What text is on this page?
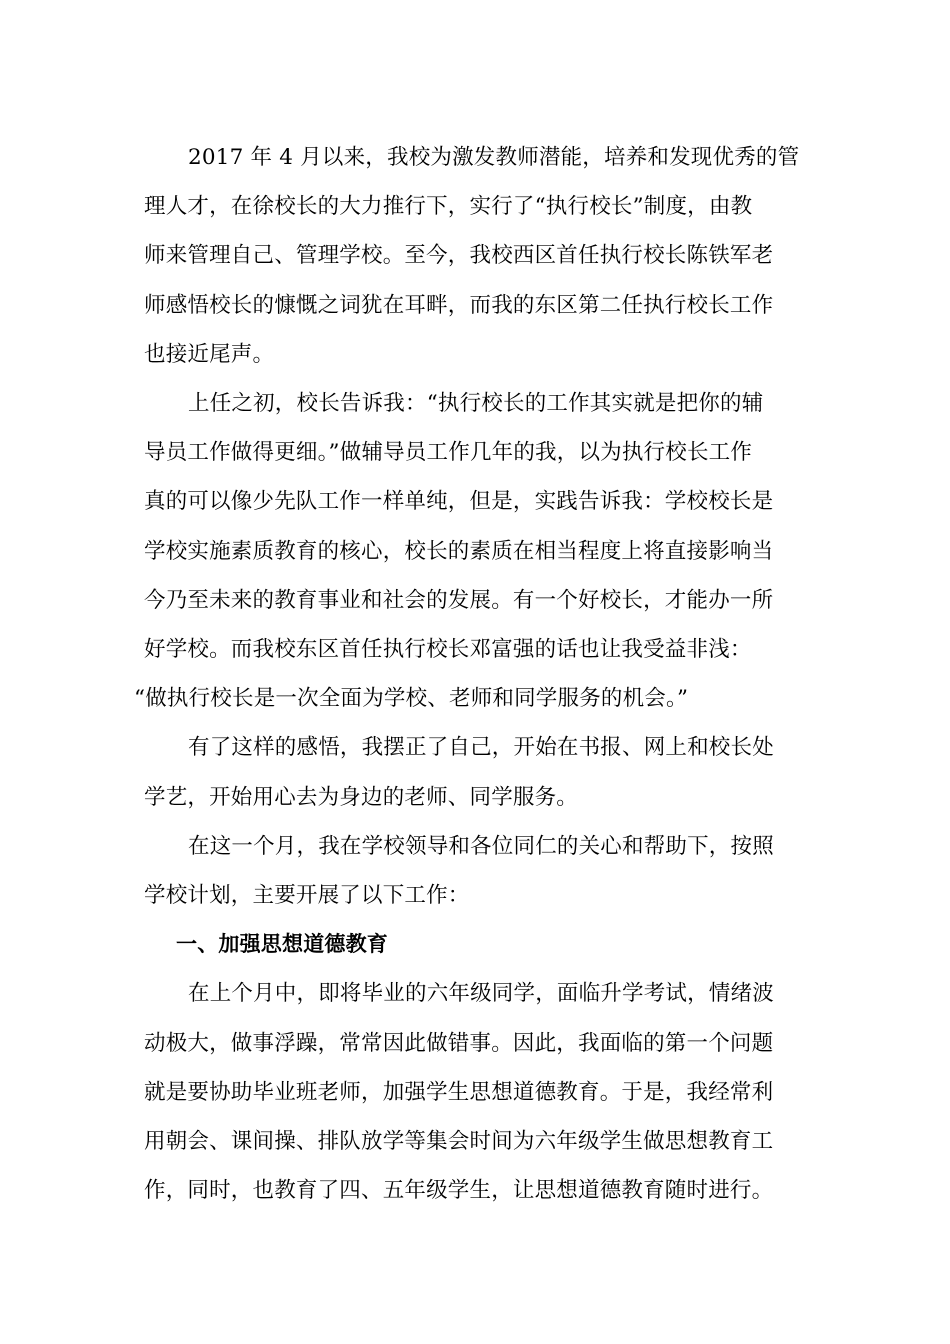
2017 年 4 月以来，我校为激发教师潜能，培养和发现优秀的管
理人才，在徐校长的大力推行下，实行了“执行校长”制度，由教
师来管理自己、管理学校。至今，我校西区首任执行校长陈铁军老
师感悟校长的慷慨之词犹在耳畔，而我的东区第二任执行校长工作
也接近尾声。

上任之初，校长告诉我：“执行校长的工作其实就是把你的辅
导员工作做得更细。”做辅导员工作几年的我，以为执行校长工作
真的可以像少先队工作一样单纯，但是，实践告诉我：学校校长是
学校实施素质教育的核心，校长的素质在相当程度上将直接影响当
今乃至未来的教育事业和社会的发展。有一个好校长，才能办一所
好学校。而我校东区首任执行校长邓富强的话也让我受益非浅：
“做执行校长是一次全面为学校、老师和同学服务的机会。”

有了这样的感悟，我摆正了自己，开始在书报、网上和校长处
学艺，开始用心去为身边的老师、同学服务。

在这一个月，我在学校领导和各位同仁的关心和帮助下，按照
学校计划，主要开展了以下工作：

一、加强思想道德教育

在上个月中，即将毕业的六年级同学，面临升学考试，情绪波
动极大，做事浮躁，常常因此做错事。因此，我面临的第一个问题
就是要协助毕业班老师，加强学生思想道德教育。于是，我经常利
用朝会、课间操、排队放学等集会时间为六年级学生做思想教育工
作，同时，也教育了四、五年级学生，让思想道德教育随时进行。
